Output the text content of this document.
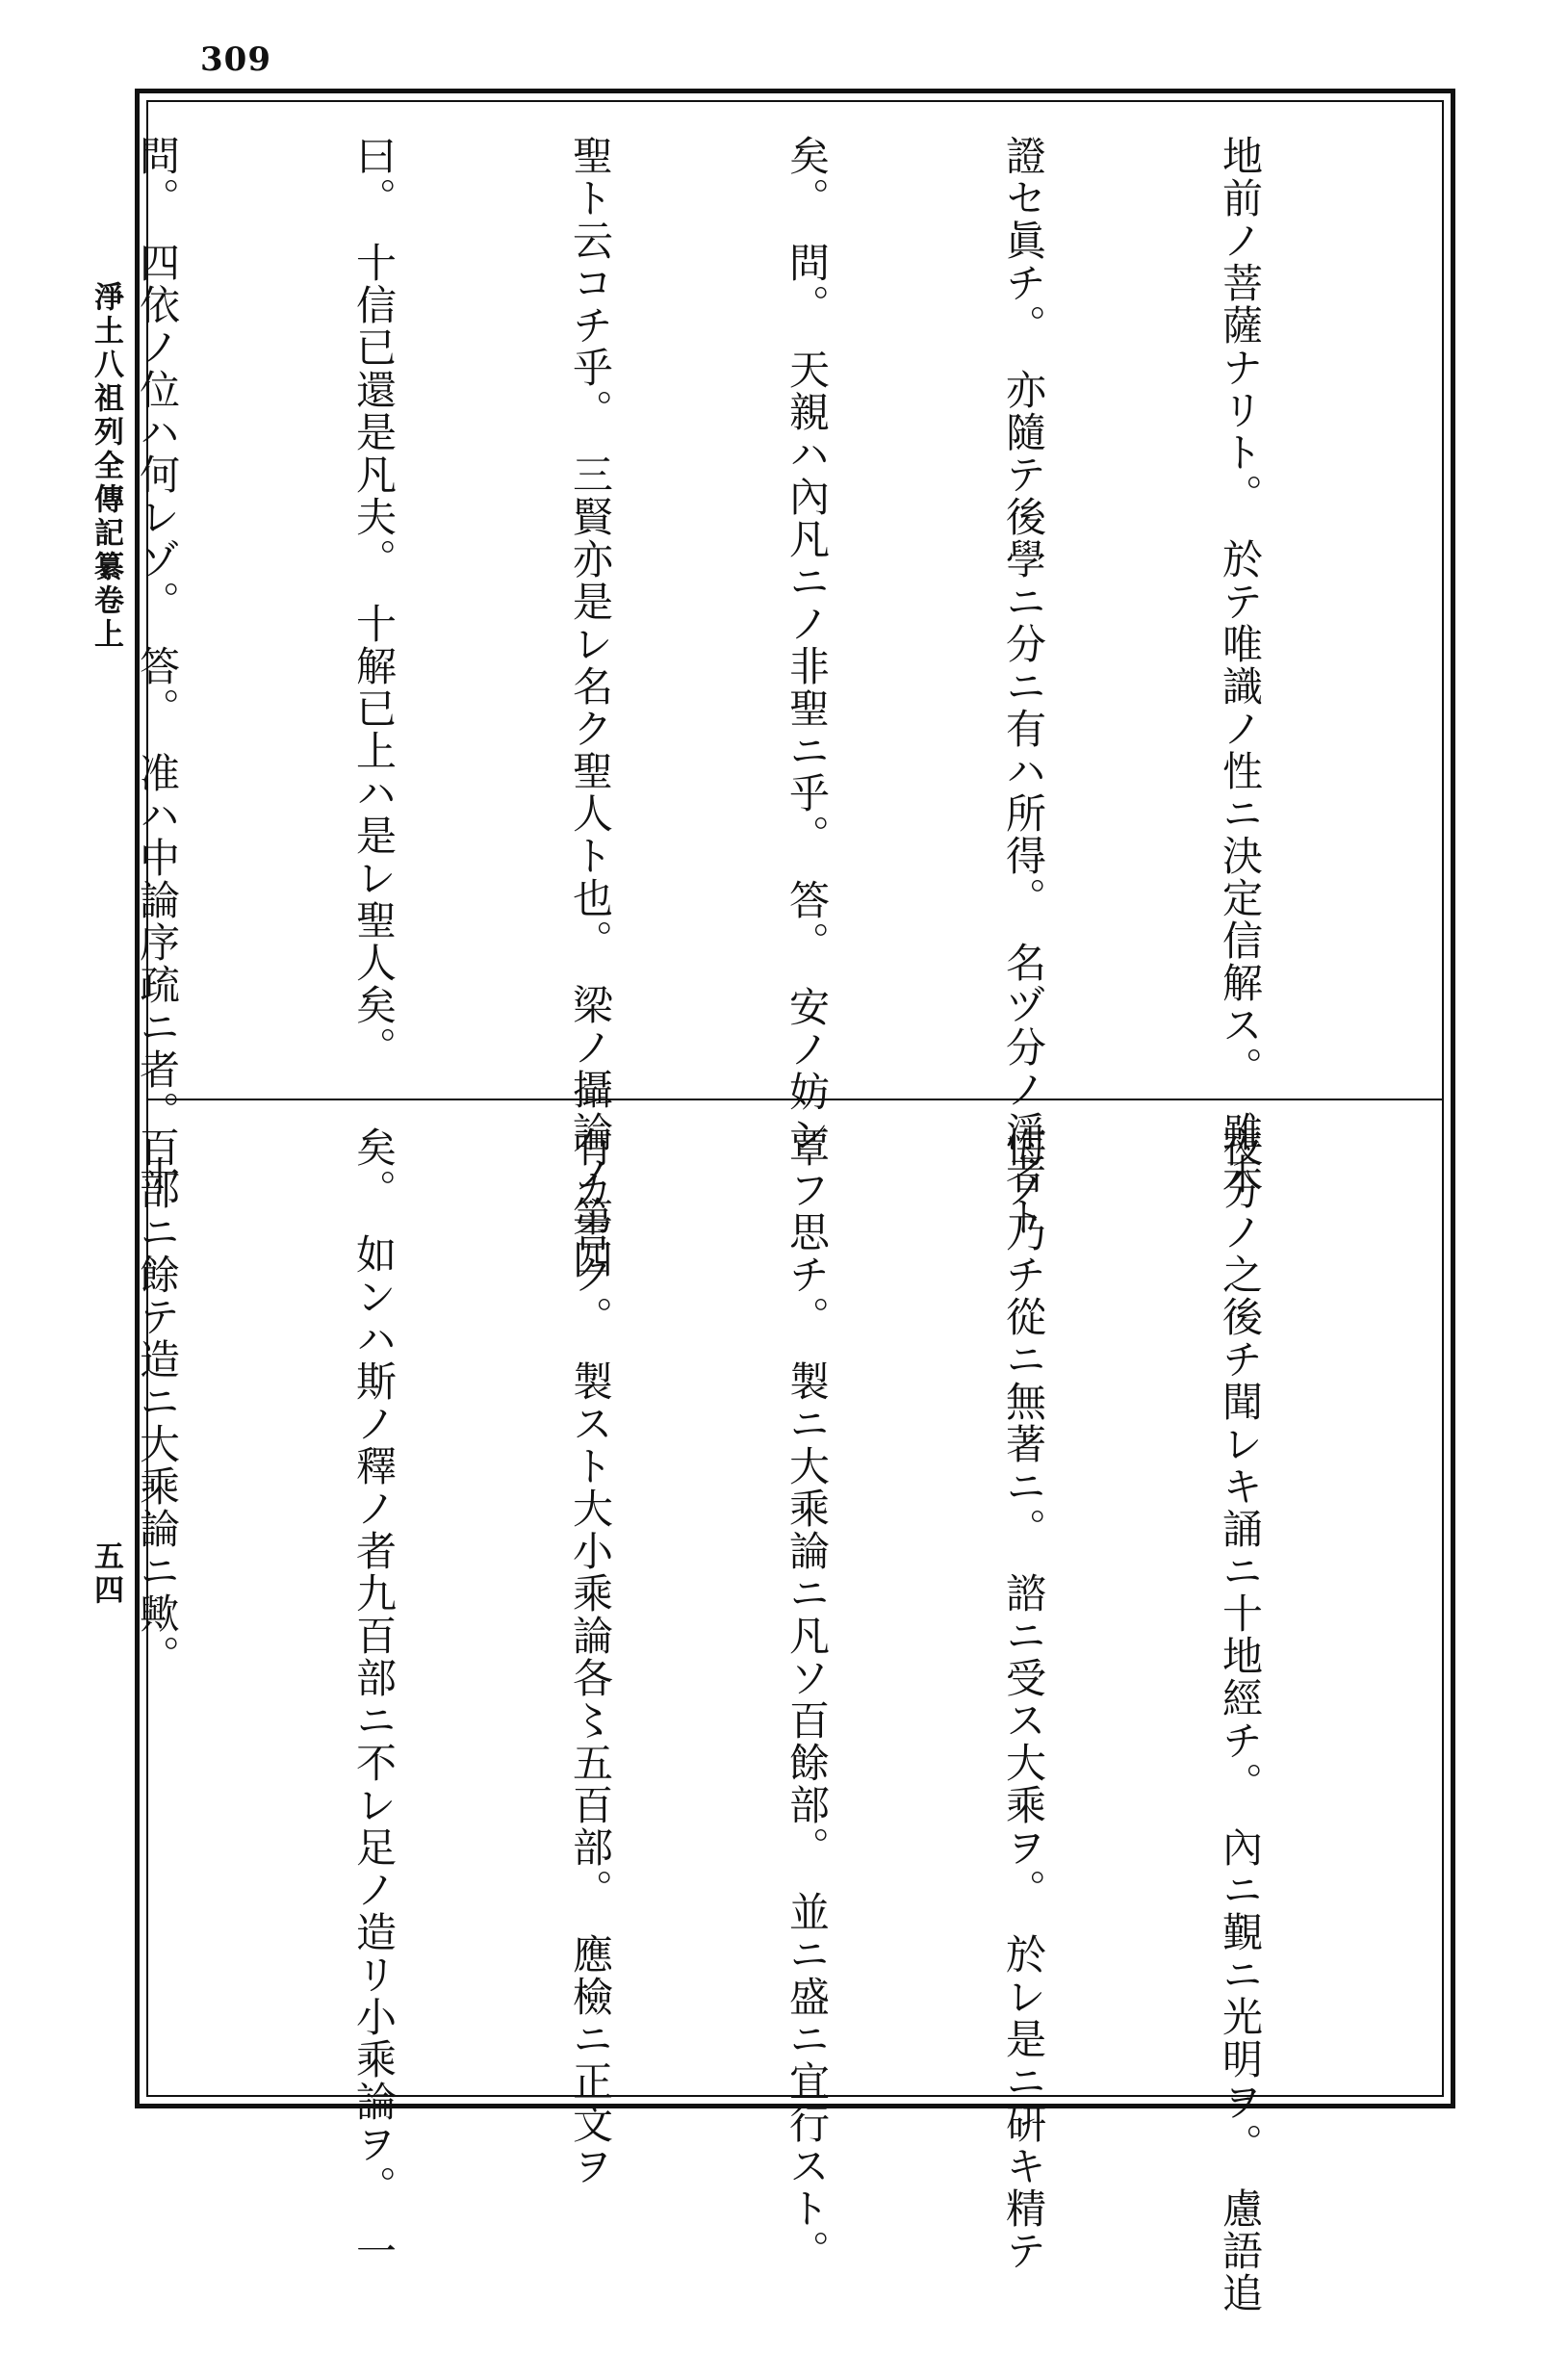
309
淨土八祖列全傳記纂卷上
五四

地前ノ菩薩ナリト。　於テ唯識ノ性ニ決定信解ス。　雖未

證セ眞チ。　亦隨テ後學ニ分ニ有ハ所得。　名ヅ分ノ淨者ト

矣。　問。　天親ハ內凡ニノ非聖ニ乎。　答。　安ノ妨ン

聖ト云コチ乎。　三賢亦是レ名ク聖人ト也。　梁ノ攝論ノ第四

曰。　十信已還是凡夫。　十解已上ハ是レ聖人矣。

問。　四依ノ位ハ何レゾ。　答。　准ハ中論序疏ニ者。　十

夜分ノ之後チ聞レキ誦ニ十地經チ。　內ニ覲ニ光明ヲ。　慮語追

悔ノ乃チ從ニ無著ニ。　諮ニ受ス大乘ヲ。　於レ是ニ硏キ精テ

覃フ思チ。　製ニ大乘論ニ凡ソ百餘部。　並ニ盛ニ宜行スト。

有カ言ク。　製スト大小乘論各〻五百部。　應檢ニ正文ヲ

矣。　如ンハ斯ノ釋ノ者九百部ニ不レ足ノ造リ小乘論ヲ。　一

百部ニ餘テ造ニ大乘論ニ歟。
